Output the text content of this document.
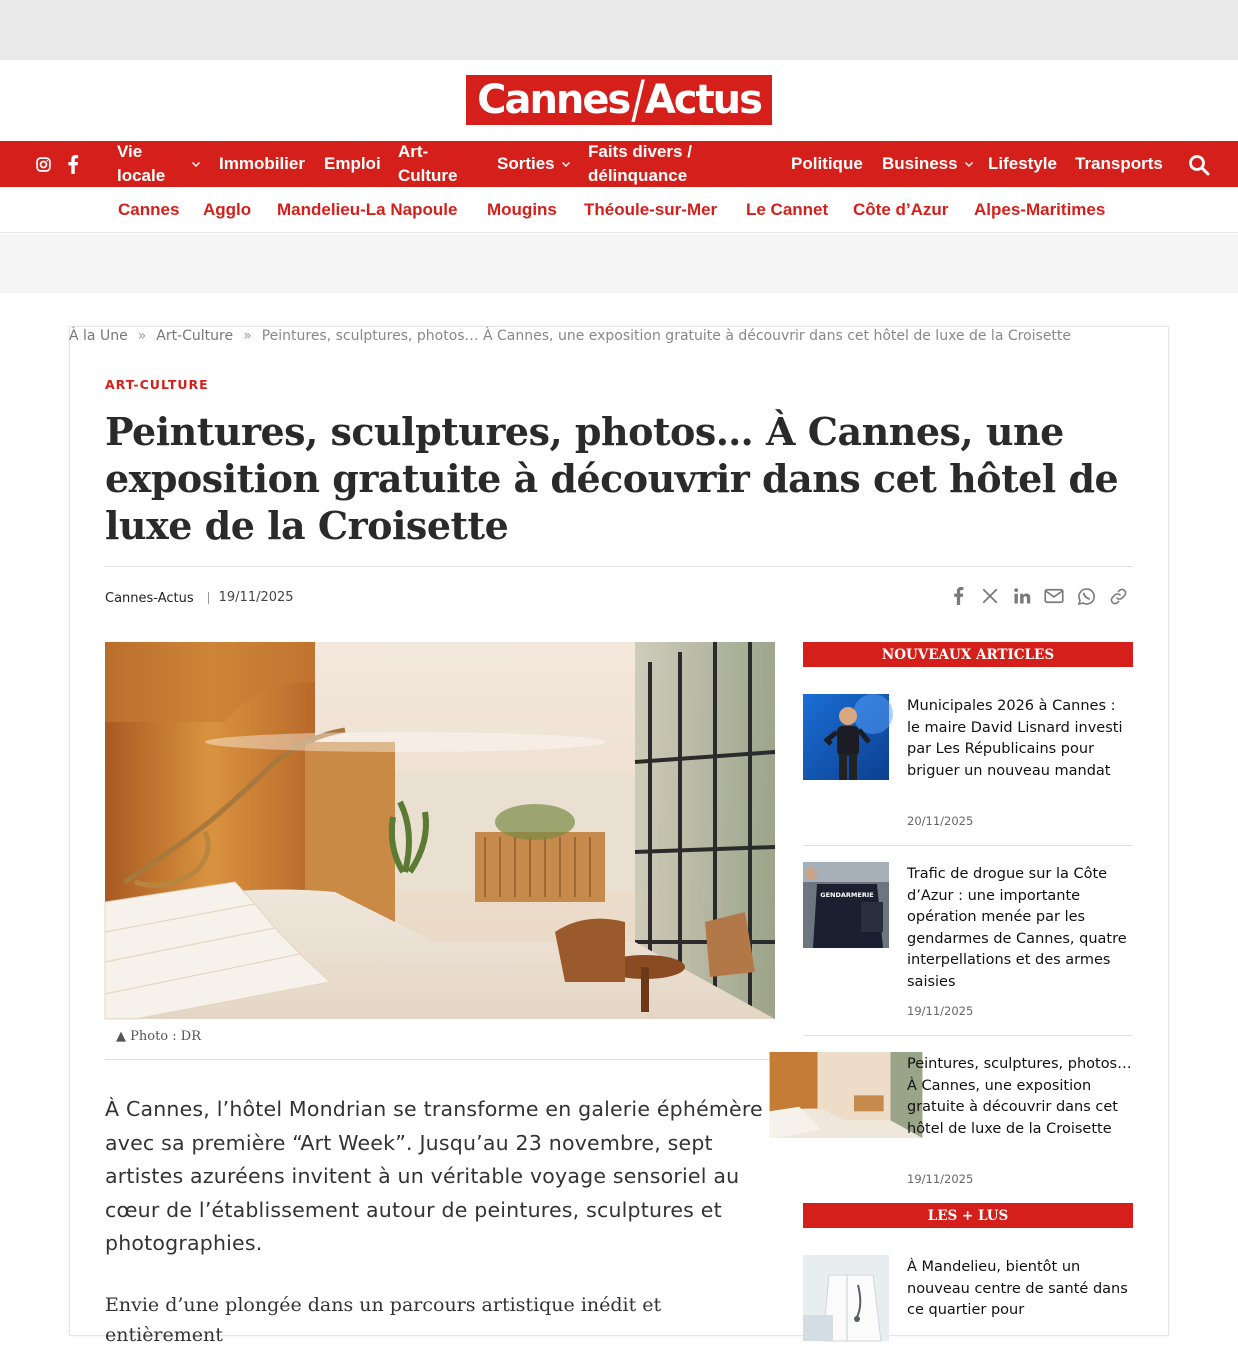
Cannes / Actus
Vie locale
Immobilier Emploi
Art-Culture
Sorties
Faits divers / délinquance
Politique Business Lifestyle Transports
Cannes Agglo Mandelieu-La Napoule Mougins Théoule-sur-Mer Le Cannet Côte d’Azur Alpes-Maritimes
À la Une » Art-Culture » Peintures, sculptures, photos… À Cannes, une exposition gratuite à découvrir dans cet hôtel de luxe de la Croisette
ART-CULTURE
Peintures, sculptures, photos… À Cannes, une exposition gratuite à découvrir dans cet hôtel de luxe de la Croisette
Cannes-Actus	19/11/2025
▲ Photo : DR

À Cannes, l’hôtel Mondrian se transforme en galerie éphémère avec sa première “Art Week”. Jusqu’au 23 novembre, sept artistes azuréens invitent à un véritable voyage sensoriel au cœur de l’établissement autour de peintures, sculptures et photographies.

Envie d’une plongée dans un parcours artistique inédit et entièrement

NOUVEAUX ARTICLES
Municipales 2026 à Cannes : le maire David Lisnard investi par Les Républicains pour briguer un nouveau mandat
20/11/2025
GENDARMERIE
Trafic de drogue sur la Côte d’Azur : une importante opération menée par les gendarmes de Cannes, quatre interpellations et des armes saisies
19/11/2025
Peintures, sculptures, photos… À Cannes, une exposition gratuite à découvrir dans cet hôtel de luxe de la Croisette
19/11/2025
LES + LUS
À Mandelieu, bientôt un nouveau centre de santé dans ce quartier pour
